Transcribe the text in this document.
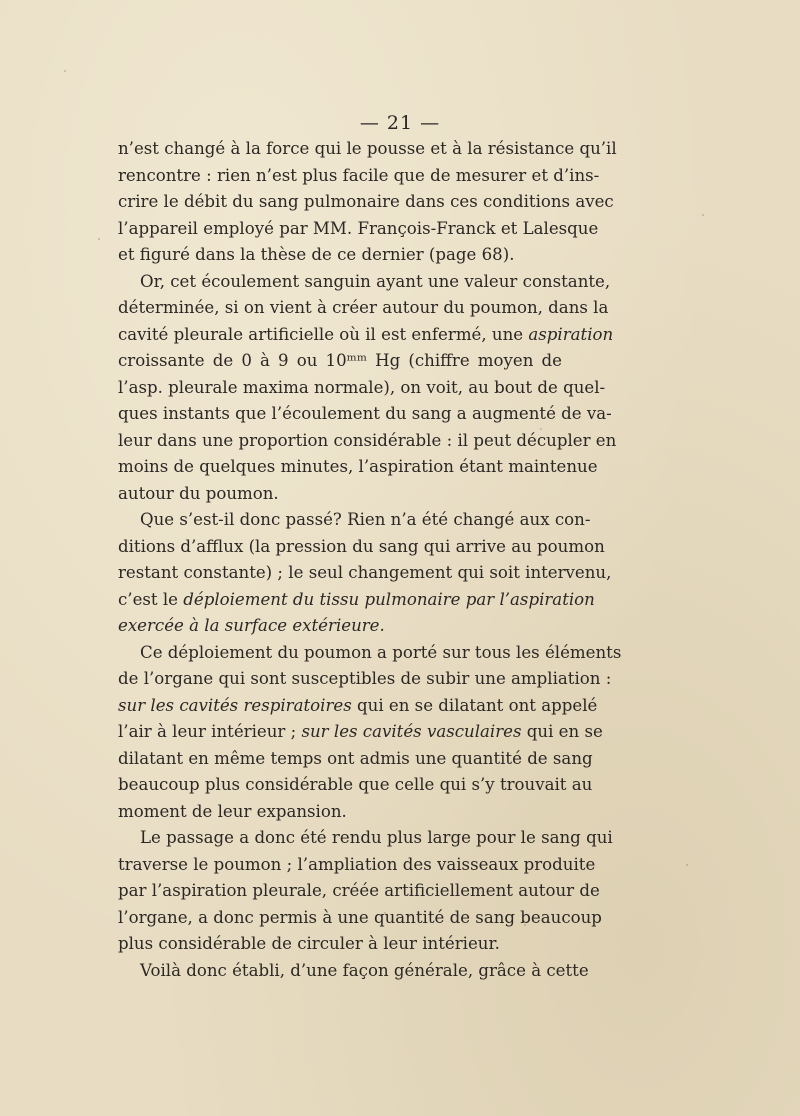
— 21 —
n’est changé à la force qui le pousse et à la résistance qu’il
rencontre : rien n’est plus facile que de mesurer et d’ins-
crire le débit du sang pulmonaire dans ces conditions avec
l’appareil employé par MM. François-Franck et Lalesque
et figuré dans la thèse de ce dernier (page 68).
Or, cet écoulement sanguin ayant une valeur constante,
déterminée, si on vient à créer autour du poumon, dans la
cavité pleurale artificielle où il est enfermé, une aspiration
croissante de 0 à 9 ou 10ᵐᵐ Hg (chiffre moyen de
l’asp. pleurale maxima normale), on voit, au bout de quel-
ques instants que l’écoulement du sang a augmenté de va-
leur dans une proportion considérable : il peut décupler en
moins de quelques minutes, l’aspiration étant maintenue
autour du poumon.
Que s’est-il donc passé? Rien n’a été changé aux con-
ditions d’afflux (la pression du sang qui arrive au poumon
restant constante) ; le seul changement qui soit intervenu,
c’est le déploiement du tissu pulmonaire par l’aspiration
exercée à la surface extérieure.
Ce déploiement du poumon a porté sur tous les éléments
de l’organe qui sont susceptibles de subir une ampliation :
sur les cavités respiratoires qui en se dilatant ont appelé
l’air à leur intérieur ; sur les cavités vasculaires qui en se
dilatant en même temps ont admis une quantité de sang
beaucoup plus considérable que celle qui s’y trouvait au
moment de leur expansion.
Le passage a donc été rendu plus large pour le sang qui
traverse le poumon ; l’ampliation des vaisseaux produite
par l’aspiration pleurale, créée artificiellement autour de
l’organe, a donc permis à une quantité de sang beaucoup
plus considérable de circuler à leur intérieur.
Voilà donc établi, d’une façon générale, grâce à cette
